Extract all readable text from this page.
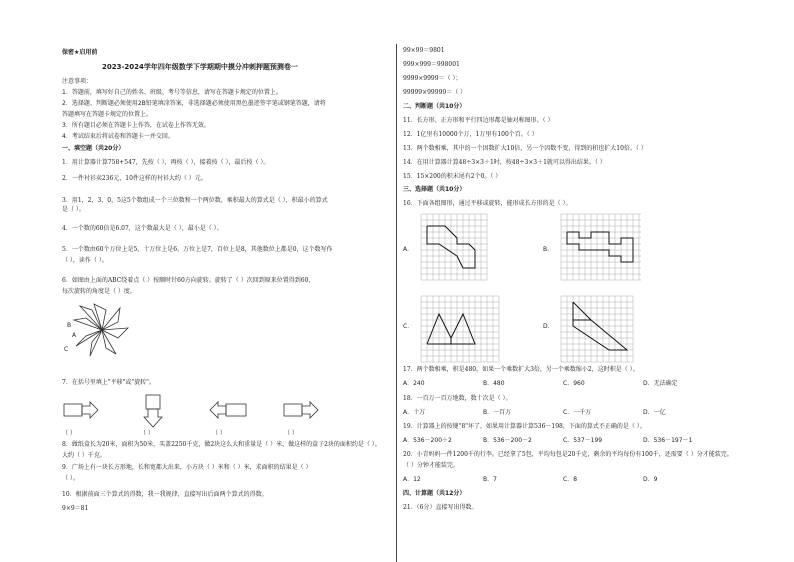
保密★启用前
2023-2024学年四年级数学下学期期中摸分冲刺押题预测卷一
注意事项：
1．答题前，填写好自己的姓名、班级、考号等信息，请写在答题卡规定的位置上。
2．选择题、判断题必须使用2B铅笔填涂答案，非选择题必须使用黑色墨迹签字笔或钢笔答题，请将
答题填写在答题卡规定的位置上。
3．所有题目必须在答题卡上作答，在试卷上作答无效。
4．考试结束后将试卷和答题卡一并交回。
一、填空题（共20分）
1．用计算器计算758+547，先按（ ），再按（ ），接着按（ ），最后按（ ）。
2．一件衬衫卖236元，10件这样的衬衫大约（ ）元。
3．用1，2，3，0，5这5个数组成一个三位数和一个两位数，乘积最大的算式是（ ），积最小的算式
是（ ）。
4．一个数的60倍是6.07，这个数最大是（ ），最小是（ ）。
5．一个数由60个万位上是5，十万位上是6，万位上是7，百位上是8，其他数位上都是0，这个数写作
（ ），读作（ ）。
6．如图由上面的ABC绕着点（ ）按顺时针60方向旋转。旋转了（ ）次回到原来位置得到60，
每次旋转的角度是（ ）度。
B
A
C
7．在括号里填上"平移"或"旋转"。
（ ）	（ ）	（ ）	（ ）
8．做纸盒长为20米，面积为50米，买盖2250千克，做2块这么大和重量是（ ）米，做这样的盒子2块的面积约是（ ）。
大约（ ）千克。
9．广场上有一块长方形地，长和宽都大出来，小方块（ ）米和（ ）米，求面积的结果是（ ）
（ ）。
10．根据前面三个算式的得数，我一我规律，直接写出后面两个算式的得数。
9×9＝81
99×99＝9801
999×999＝998001
9999×9999＝（ ）；
99999×99999＝（ ）
二、判断题（共10分）
11．长方形、正方形和平行四边形都是轴对称图形。（ ）
12．1亿里有10000个万，1万里有100个百。（ ）
13．两个数相乘，其中的一个因数扩大10倍，另一个因数不变，得到的积也扩大10倍。（ ）
14．在用计算器计算48÷3×3＋1时，按48÷3×3＋1就可以得出结果。（ ）
15．15×200的积末尾有2个0。（ ）
三、选择题（共10分）
16．下面各组图形，通过平移或旋转，能形成长方形的是（ ）。
A．	B．
C．	D．
17．两个数相乘，积是480。如果一个乘数扩大3倍，另一个乘数缩小2，这时积是（ ）。
A．240	B．480	C．960	D．无法确定
18．一百万一百万地数，数十次是（ ）。
A．十万	B．一百万	C．一千万	D．一亿
19．计算器上的按键"8"坏了，如果用计算器计算536－198，下面的算式不正确的是（ ）。
A．536－200＋2	B．536－200－2	C．537－199	D．536－197－1
20．小青妈妈一件1200千的行李。已经拿了5包，平均每包是20千克，剩余的平均每份有100千，还需要（ ）分才能装完。
（ ）分钟才能装完。
A．12	B．7	C．8	D．9
四、计算题（共12分）
21．（6分）直接写出得数。
